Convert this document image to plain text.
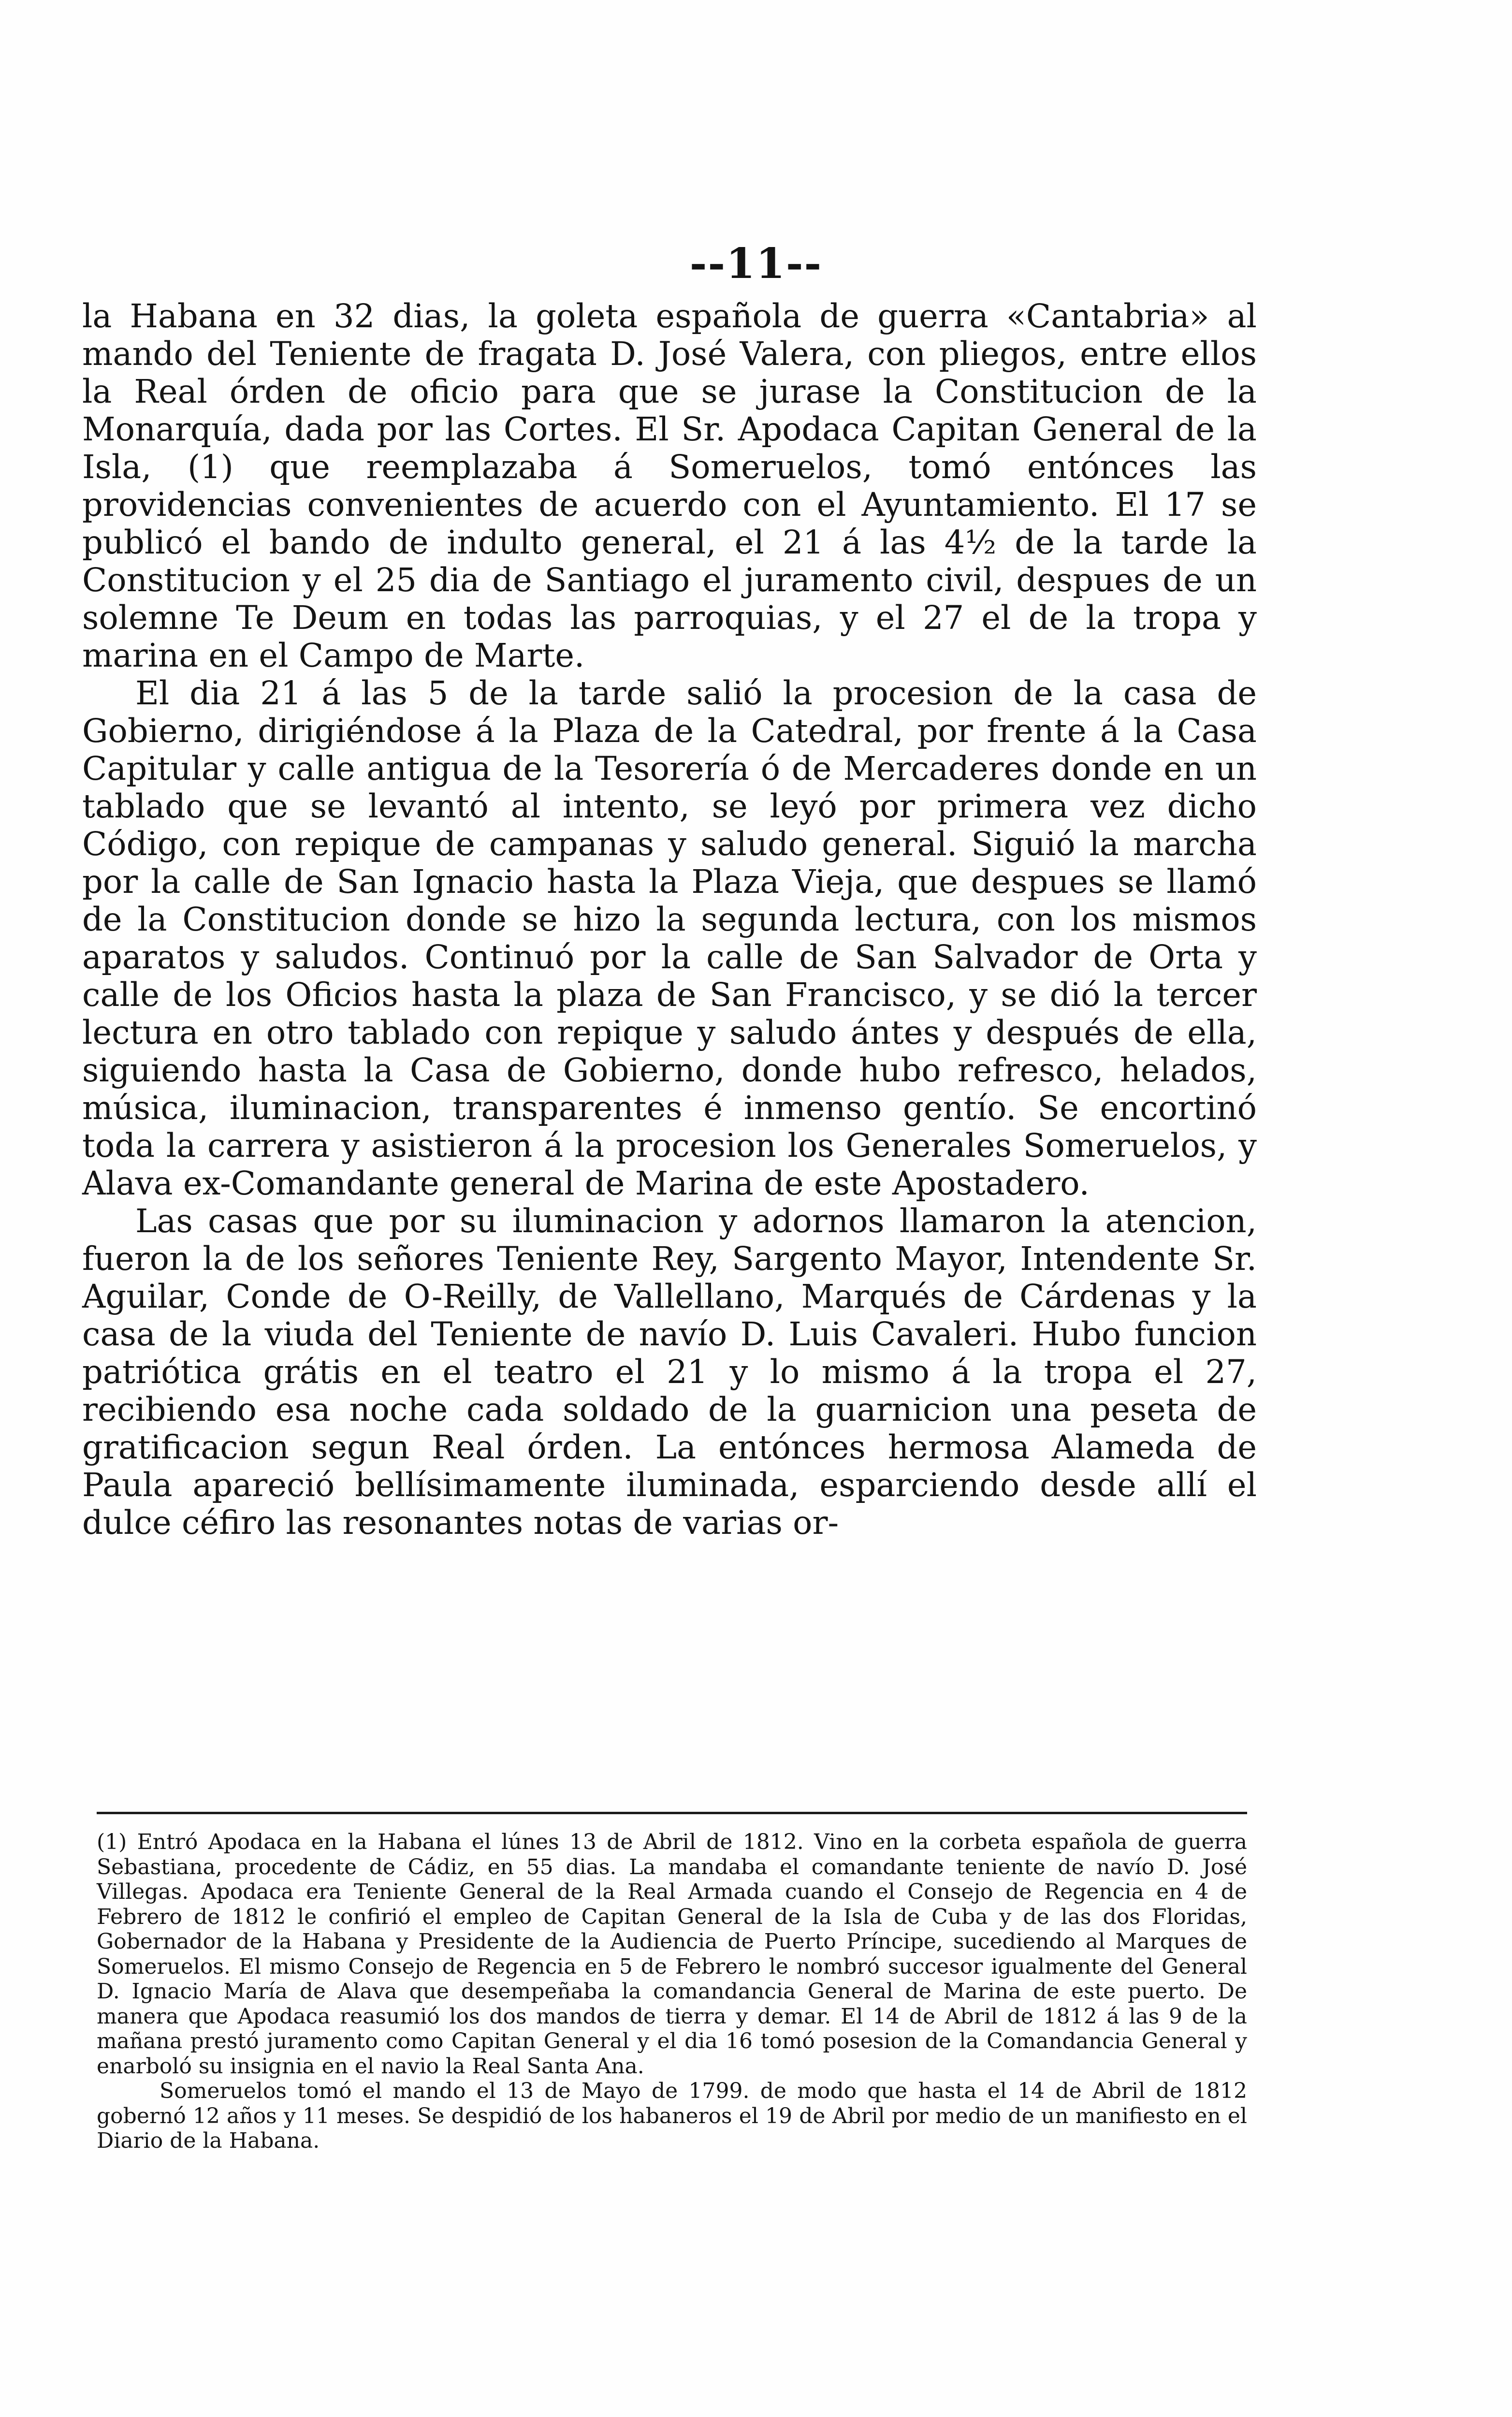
--11--

la Habana en 32 dias, la goleta española de guerra «Cantabria» al mando del Teniente de fragata D. José Valera, con pliegos, entre ellos la Real órden de oficio para que se jurase la Constitucion de la Monarquía, dada por las Cortes. El Sr. Apodaca Capitan General de la Isla, (1) que reemplazaba á Someruelos, tomó entónces las providencias convenientes de acuerdo con el Ayuntamiento. El 17 se publicó el bando de indulto general, el 21 á las 4½ de la tarde la Constitucion y el 25 dia de Santiago el juramento civil, despues de un solemne Te Deum en todas las parroquias, y el 27 el de la tropa y marina en el Campo de Marte.

El dia 21 á las 5 de la tarde salió la procesion de la casa de Gobierno, dirigiéndose á la Plaza de la Catedral, por frente á la Casa Capitular y calle antigua de la Tesorería ó de Mercaderes donde en un tablado que se levantó al intento, se leyó por primera vez dicho Código, con repique de campanas y saludo general. Siguió la marcha por la calle de San Ignacio hasta la Plaza Vieja, que despues se llamó de la Constitucion donde se hizo la segunda lectura, con los mismos aparatos y saludos. Continuó por la calle de San Salvador de Orta y calle de los Oficios hasta la plaza de San Francisco, y se dió la tercer lectura en otro tablado con repique y saludo ántes y después de ella, siguiendo hasta la Casa de Gobierno, donde hubo refresco, helados, música, iluminacion, transparentes é inmenso gentío. Se encortinó toda la carrera y asistieron á la procesion los Generales Someruelos, y Alava ex-Comandante general de Marina de este Apostadero.

Las casas que por su iluminacion y adornos llamaron la atencion, fueron la de los señores Teniente Rey, Sargento Mayor, Intendente Sr. Aguilar, Conde de O-Reilly, de Vallellano, Marqués de Cárdenas y la casa de la viuda del Teniente de navío D. Luis Cavaleri. Hubo funcion patriótica grátis en el teatro el 21 y lo mismo á la tropa el 27, recibiendo esa noche cada soldado de la guarnicion una peseta de gratificacion segun Real órden. La entónces hermosa Alameda de Paula apareció bellísimamente iluminada, esparciendo desde allí el dulce céfiro las resonantes notas de varias or-

(1) Entró Apodaca en la Habana el lúnes 13 de Abril de 1812. Vino en la corbeta española de guerra Sebastiana, procedente de Cádiz, en 55 dias. La mandaba el comandante teniente de navío D. José Villegas. Apodaca era Teniente General de la Real Armada cuando el Consejo de Regencia en 4 de Febrero de 1812 le confirió el empleo de Capitan General de la Isla de Cuba y de las dos Floridas, Gobernador de la Habana y Presidente de la Audiencia de Puerto Príncipe, sucediendo al Marques de Someruelos. El mismo Consejo de Regencia en 5 de Febrero le nombró succesor igualmente del General D. Ignacio María de Alava que desempeñaba la comandancia General de Marina de este puerto. De manera que Apodaca reasumió los dos mandos de tierra y demar. El 14 de Abril de 1812 á las 9 de la mañana prestó juramento como Capitan General y el dia 16 tomó posesion de la Comandancia General y enarboló su insignia en el navio la Real Santa Ana.

Someruelos tomó el mando el 13 de Mayo de 1799. de modo que hasta el 14 de Abril de 1812 gobernó 12 años y 11 meses. Se despidió de los habaneros el 19 de Abril por medio de un manifiesto en el Diario de la Habana.
